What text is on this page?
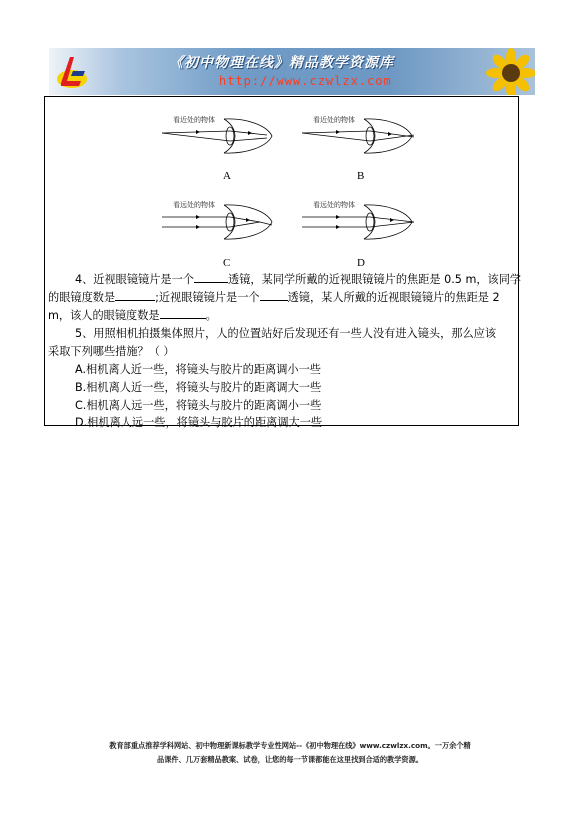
《初中物理在线》精品教学资源库
http://www.czwlzx.com
看近处的物体
A
看近处的物体
B
看远处的物体
C
看远处的物体
D
4、近视眼镜镜片是一个	透镜，某同学所戴的近视眼镜镜片的焦距是 0.5 m，该同学
的眼镜度数是	;近视眼镜镜片是一个	透镜，某人所戴的近视眼镜镜片的焦距是 2
m，该人的眼镜度数是	。
5、用照相机拍摄集体照片，人的位置站好后发现还有一些人没有进入镜头，那么应该
采取下列哪些措施？（ ）
A.相机离人近一些，将镜头与胶片的距离调小一些
B.相机离人近一些，将镜头与胶片的距离调大一些
C.相机离人远一些，将镜头与胶片的距离调小一些
D.相机离人远一些，将镜头与胶片的距离调大一些
教育部重点推荐学科网站、初中物理新课标教学专业性网站--《初中物理在线》www.czwlzx.com。一万余个精
品课件、几万套精品教案、试卷，让您的每一节课都能在这里找到合适的教学资源。
